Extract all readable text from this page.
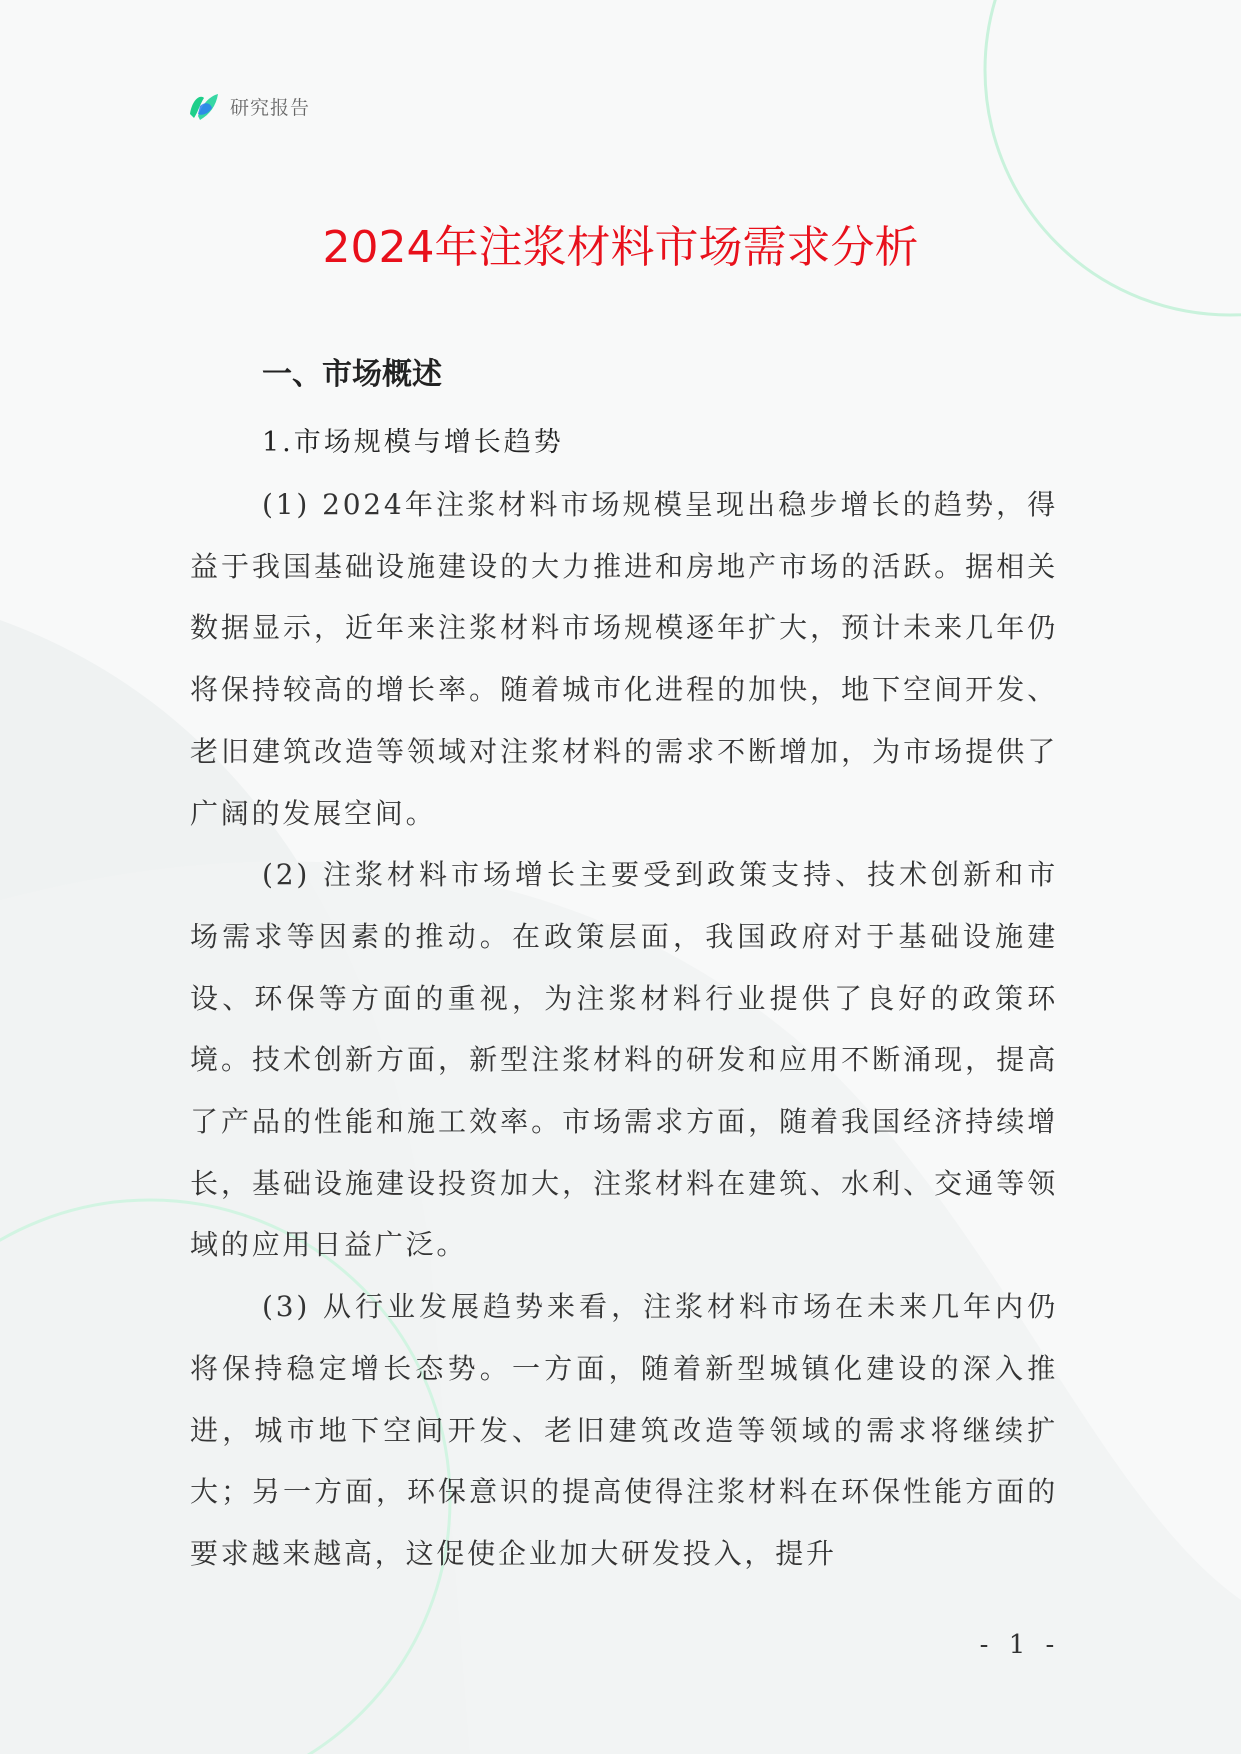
研究报告
2024年注浆材料市场需求分析
一、市场概述
1.市场规模与增长趋势

(1) 2024年注浆材料市场规模呈现出稳步增长的趋势，得益于我国基础设施建设的大力推进和房地产市场的活跃。据相关数据显示，近年来注浆材料市场规模逐年扩大，预计未来几年仍将保持较高的增长率。随着城市化进程的加快，地下空间开发、老旧建筑改造等领域对注浆材料的需求不断增加，为市场提供了广阔的发展空间。

(2) 注浆材料市场增长主要受到政策支持、技术创新和市场需求等因素的推动。在政策层面，我国政府对于基础设施建设、环保等方面的重视，为注浆材料行业提供了良好的政策环境。技术创新方面，新型注浆材料的研发和应用不断涌现，提高了产品的性能和施工效率。市场需求方面，随着我国经济持续增长，基础设施建设投资加大，注浆材料在建筑、水利、交通等领域的应用日益广泛。

(3) 从行业发展趋势来看，注浆材料市场在未来几年内仍将保持稳定增长态势。一方面，随着新型城镇化建设的深入推进，城市地下空间开发、老旧建筑改造等领域的需求将继续扩大；另一方面，环保意识的提高使得注浆材料在环保性能方面的要求越来越高，这促使企业加大研发投入，提升

- 1 -
